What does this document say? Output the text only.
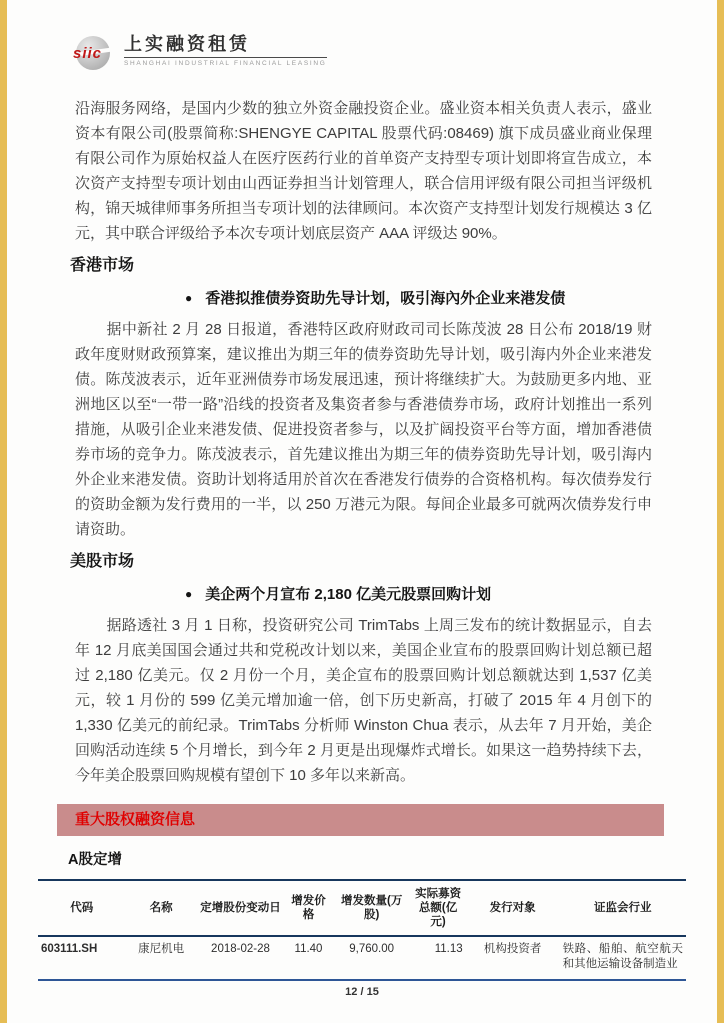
siic 上实融资租赁
SHANGHAI INDUSTRIAL FINANCIAL LEASING

沿海服务网络，是国内少数的独立外资金融投资企业。盛业资本相关负责人表示，盛业资本有限公司(股票简称:SHENGYE CAPITAL 股票代码:08469) 旗下成员盛业商业保理有限公司作为原始权益人在医疗医药行业的首单资产支持型专项计划即将宣告成立，本次资产支持型专项计划由山西证券担当计划管理人，联合信用评级有限公司担当评级机构，锦天城律师事务所担当专项计划的法律顾问。本次资产支持型计划发行规模达 3 亿元，其中联合评级给予本次专项计划底层资产 AAA 评级达 90%。

香港市场
● 香港拟推债券资助先导计划，吸引海內外企业来港发债

据中新社 2 月 28 日报道，香港特区政府财政司司长陈茂波 28 日公布 2018/19 财政年度财财政预算案，建议推出为期三年的债券资助先导计划，吸引海内外企业来港发债。陈茂波表示，近年亚洲债券市场发展迅速，预计将继续扩大。为鼓励更多内地、亚洲地区以至“一带一路”沿线的投资者及集资者参与香港债券市场，政府计划推出一系列措施，从吸引企业来港发债、促进投资者参与，以及扩阔投资平台等方面，增加香港债券市场的竞争力。陈茂波表示，首先建议推出为期三年的债券资助先导计划，吸引海内外企业来港发债。资助计划将适用於首次在香港发行债券的合资格机构。每次债券发行的资助金额为发行费用的一半，以 250 万港元为限。每间企业最多可就两次债券发行申请资助。

美股市场
● 美企两个月宣布 2,180 亿美元股票回购计划

据路透社 3 月 1 日称，投资研究公司 TrimTabs 上周三发布的统计数据显示，自去年 12 月底美国国会通过共和党税改计划以来，美国企业宣布的股票回购计划总额已超过 2,180 亿美元。仅 2 月份一个月，美企宣布的股票回购计划总额就达到 1,537 亿美元，较 1 月份的 599 亿美元增加逾一倍，创下历史新高，打破了 2015 年 4 月创下的 1,330 亿美元的前纪录。TrimTabs 分析师 Winston Chua 表示，从去年 7 月开始，美企回购活动连续 5 个月增长，到今年 2 月更是出现爆炸式增长。如果这一趋势持续下去，今年美企股票回购规模有望创下 10 多年以来新高。

重大股权融资信息
A股定增
代码	名称	定增股份变动日	增发价格	增发数量(万股)	实际募资总额(亿元)	发行对象	证监会行业
603111.SH	康尼机电	2018-02-28	11.40	9,760.00	11.13	机构投资者	铁路、船舶、航空航天和其他运输设备制造业
12 / 15
